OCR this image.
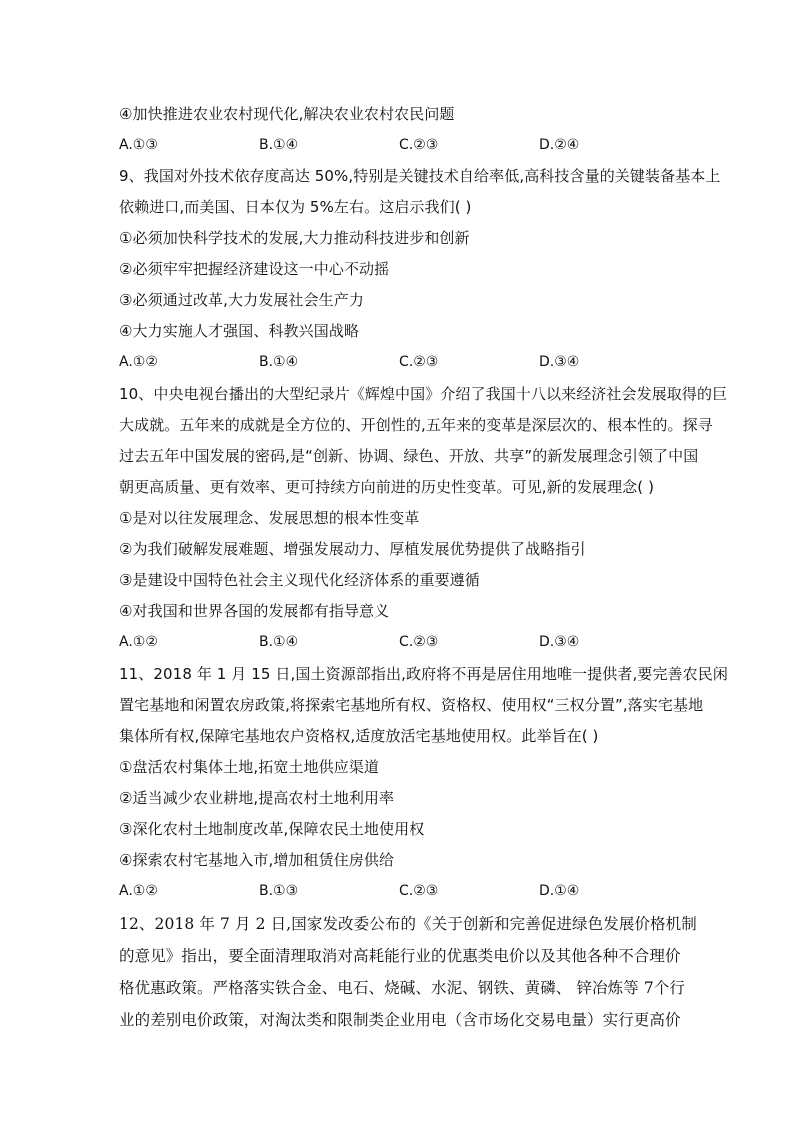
④加快推进农业农村现代化,解决农业农村农民问题
A.①③	B.①④	C.②③	D.②④
9、我国对外技术依存度高达 50%,特别是关键技术自给率低,高科技含量的关键装备基本上
依赖进口,而美国、日本仅为 5%左右。这启示我们( )
①必须加快科学技术的发展,大力推动科技进步和创新
②必须牢牢把握经济建设这一中心不动摇
③必须通过改革,大力发展社会生产力
④大力实施人才强国、科教兴国战略
A.①②	B.①④	C.②③	D.③④
10、中央电视台播出的大型纪录片《辉煌中国》介绍了我国十八以来经济社会发展取得的巨
大成就。五年来的成就是全方位的、开创性的,五年来的变革是深层次的、根本性的。探寻
过去五年中国发展的密码,是“创新、协调、绿色、开放、共享”的新发展理念引领了中国
朝更高质量、更有效率、更可持续方向前进的历史性变革。可见,新的发展理念( )
①是对以往发展理念、发展思想的根本性变革
②为我们破解发展难题、增强发展动力、厚植发展优势提供了战略指引
③是建设中国特色社会主义现代化经济体系的重要遵循
④对我国和世界各国的发展都有指导意义
A.①②	B.①④	C.②③	D.③④
11、2018 年 1 月 15 日,国土资源部指出,政府将不再是居住用地唯一提供者,要完善农民闲
置宅基地和闲置农房政策,将探索宅基地所有权、资格权、使用权“三权分置”,落实宅基地
集体所有权,保障宅基地农户资格权,适度放活宅基地使用权。此举旨在( )
①盘活农村集体土地,拓宽土地供应渠道
②适当减少农业耕地,提高农村土地利用率
③深化农村土地制度改革,保障农民土地使用权
④探索农村宅基地入市,增加租赁住房供给
A.①②	B.①③	C.②③	D.①④
12、2018 年 7 月 2 日,国家发改委公布的《关于创新和完善促进绿色发展价格机制
的意见》指出，要全面清理取消对高耗能行业的优惠类电价以及其他各种不合理价
格优惠政策。严格落实铁合金、电石、烧碱、水泥、钢铁、黄磷、 锌冶炼等 7个行
业的差别电价政策，对淘汰类和限制类企业用电（含市场化交易电量）实行更高价
